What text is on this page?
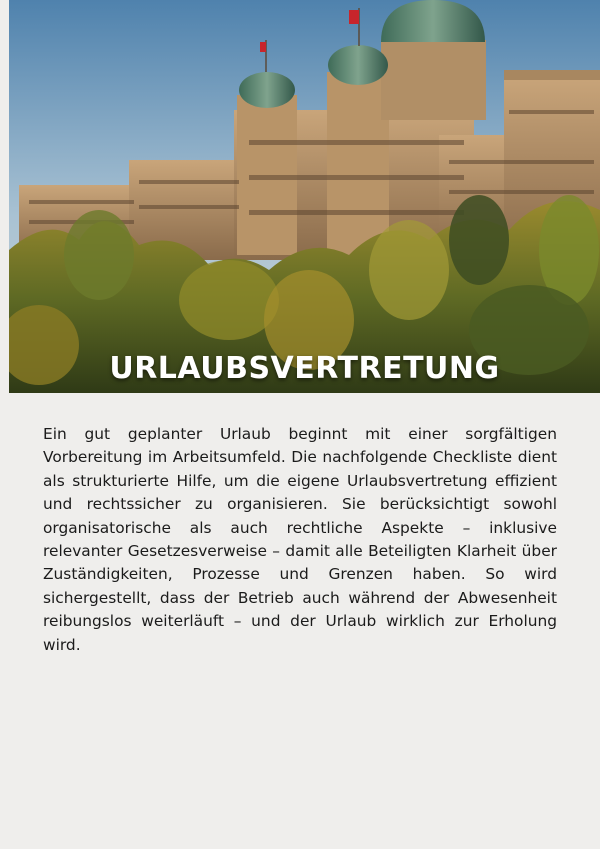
URLAUBSVERTRETUNG

Ein gut geplanter Urlaub beginnt mit einer sorgfältigen Vorbereitung im Arbeitsumfeld. Die nachfolgende Checkliste dient als strukturierte Hilfe, um die eigene Urlaubsvertretung effizient und rechtssicher zu organisieren. Sie berücksichtigt sowohl organisatorische als auch rechtliche Aspekte – inklusive relevanter Gesetzesverweise – damit alle Beteiligten Klarheit über Zuständigkeiten, Prozesse und Grenzen haben. So wird sichergestellt, dass der Betrieb auch während der Abwesenheit reibungslos weiterläuft – und der Urlaub wirklich zur Erholung wird.
